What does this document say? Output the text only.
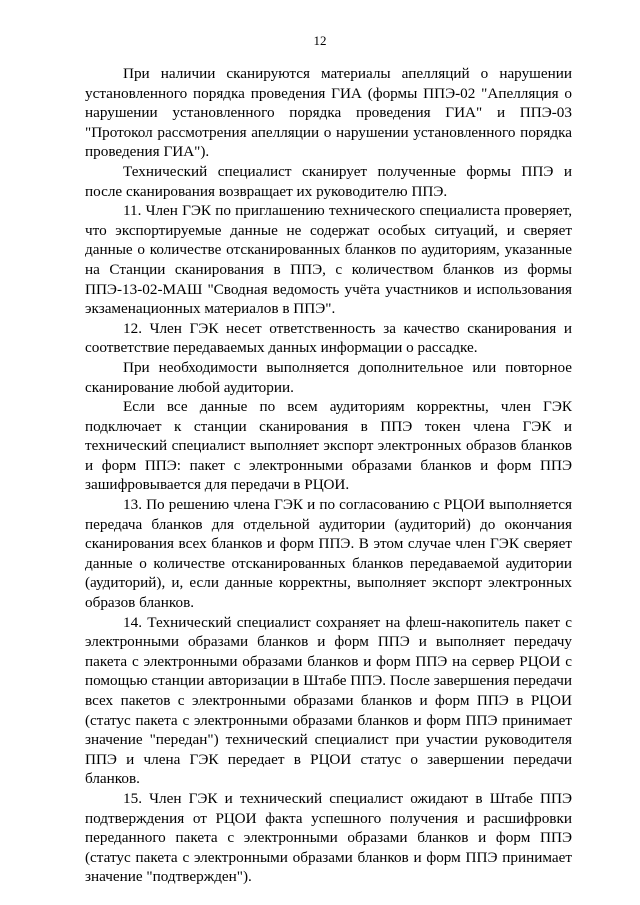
12

При наличии сканируются материалы апелляций о нарушении установленного порядка проведения ГИА (формы ППЭ-02 "Апелляция о нарушении установленного порядка проведения ГИА" и ППЭ-03 "Протокол рассмотрения апелляции о нарушении установленного порядка проведения ГИА").

Технический специалист сканирует полученные формы ППЭ и после сканирования возвращает их руководителю ППЭ.

11. Член ГЭК по приглашению технического специалиста проверяет, что экспортируемые данные не содержат особых ситуаций, и сверяет данные о количестве отсканированных бланков по аудиториям, указанные на Станции сканирования в ППЭ, с количеством бланков из формы ППЭ-13-02-МАШ "Сводная ведомость учёта участников и использования экзаменационных материалов в ППЭ".

12. Член ГЭК несет ответственность за качество сканирования и соответствие передаваемых данных информации о рассадке.

При необходимости выполняется дополнительное или повторное сканирование любой аудитории.

Если все данные по всем аудиториям корректны, член ГЭК подключает к станции сканирования в ППЭ токен члена ГЭК и технический специалист выполняет экспорт электронных образов бланков и форм ППЭ: пакет с электронными образами бланков и форм ППЭ зашифровывается для передачи в РЦОИ.

13. По решению члена ГЭК и по согласованию с РЦОИ выполняется передача бланков для отдельной аудитории (аудиторий) до окончания сканирования всех бланков и форм ППЭ. В этом случае член ГЭК сверяет данные о количестве отсканированных бланков передаваемой аудитории (аудиторий), и, если данные корректны, выполняет экспорт электронных образов бланков.

14. Технический специалист сохраняет на флеш-накопитель пакет с электронными образами бланков и форм ППЭ и выполняет передачу пакета с электронными образами бланков и форм ППЭ на сервер РЦОИ с помощью станции авторизации в Штабе ППЭ. После завершения передачи всех пакетов с электронными образами бланков и форм ППЭ в РЦОИ (статус пакета с электронными образами бланков и форм ППЭ принимает значение "передан") технический специалист при участии руководителя ППЭ и члена ГЭК передает в РЦОИ статус о завершении передачи бланков.

15. Член ГЭК и технический специалист ожидают в Штабе ППЭ подтверждения от РЦОИ факта успешного получения и расшифровки переданного пакета с электронными образами бланков и форм ППЭ (статус пакета с электронными образами бланков и форм ППЭ принимает значение "подтвержден").
